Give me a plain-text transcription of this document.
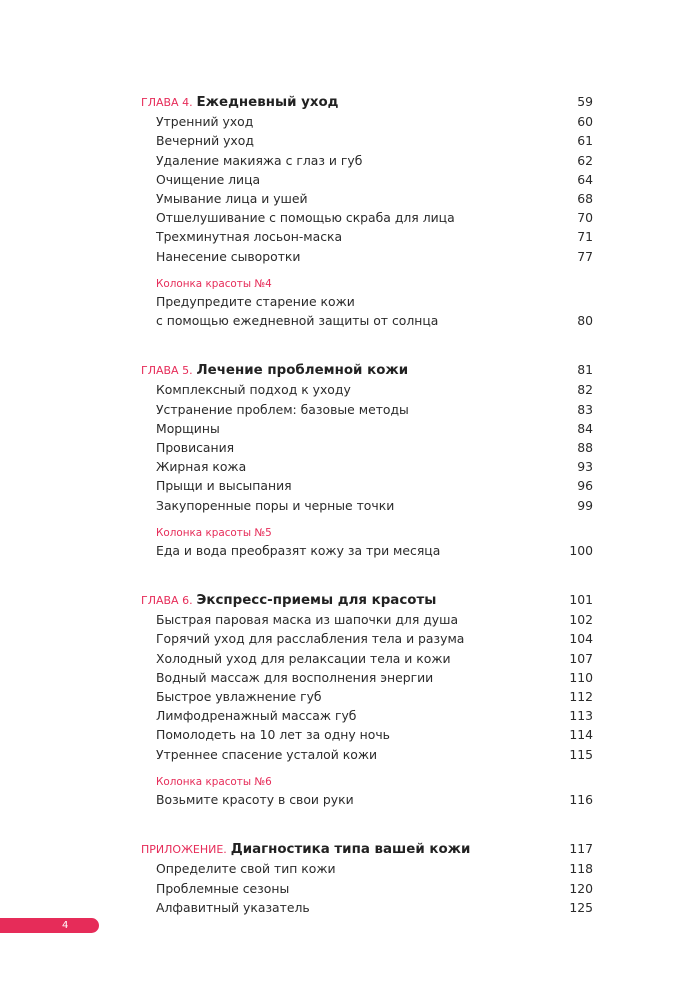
ГЛАВА 4. Ежедневный уход	59
Утренний уход	60
Вечерний уход	61
Удаление макияжа с глаз и губ	62
Очищение лица	64
Умывание лица и ушей	68
Отшелушивание с помощью скраба для лица	70
Трехминутная лосьон-маска	71
Нанесение сыворотки	77
Колонка красоты №4
Предупредите старение кожи
с помощью ежедневной защиты от солнца	80
ГЛАВА 5. Лечение проблемной кожи	81
Комплексный подход к уходу	82
Устранение проблем: базовые методы	83
Морщины	84
Провисания	88
Жирная кожа	93
Прыщи и высыпания	96
Закупоренные поры и черные точки	99
Колонка красоты №5
Еда и вода преобразят кожу за три месяца	100
ГЛАВА 6. Экспресс-приемы для красоты	101
Быстрая паровая маска из шапочки для душа	102
Горячий уход для расслабления тела и разума	104
Холодный уход для релаксации тела и кожи	107
Водный массаж для восполнения энергии	110
Быстрое увлажнение губ	112
Лимфодренажный массаж губ	113
Помолодеть на 10 лет за одну ночь	114
Утреннее спасение усталой кожи	115
Колонка красоты №6
Возьмите красоту в свои руки	116
ПРИЛОЖЕНИЕ. Диагностика типа вашей кожи	117
Определите свой тип кожи	118
Проблемные сезоны	120
Алфавитный указатель	125
4
